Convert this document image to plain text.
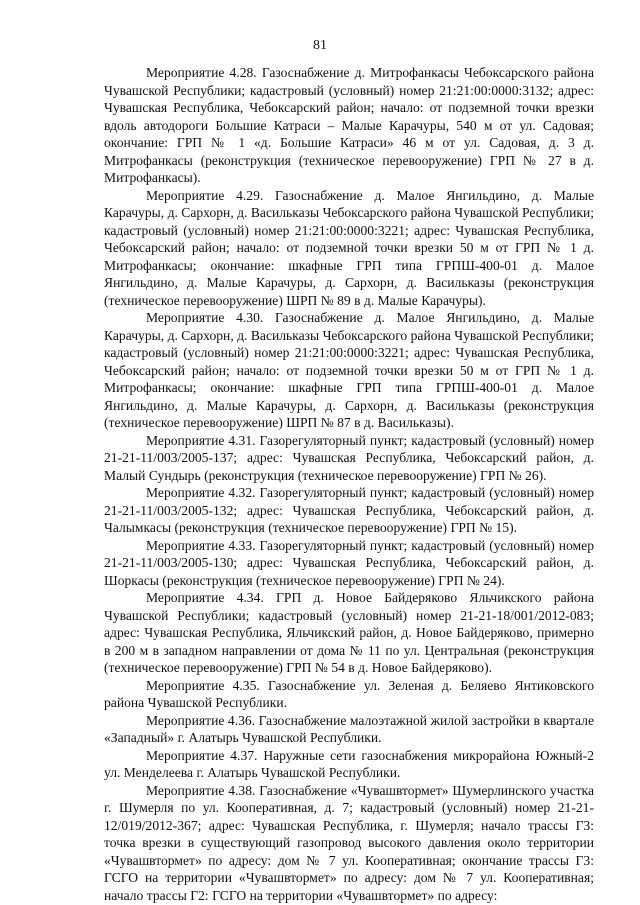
81

Мероприятие 4.28. Газоснабжение д. Митрофанкасы Чебоксарского района Чувашской Республики; кадастровый (условный) номер 21:21:00:0000:3132; адрес: Чувашская Республика, Чебоксарский район; начало: от подземной точки врезки вдоль автодороги Большие Катраси – Малые Карачуры, 540 м от ул. Садовая; окончание: ГРП № 1 «д. Большие Катраси» 46 м от ул. Садовая, д. 3 д. Митрофанкасы (реконструкция (техническое перевооружение) ГРП № 27 в д. Митрофанкасы).

Мероприятие 4.29. Газоснабжение д. Малое Янгильдино, д. Малые Карачуры, д. Сархорн, д. Васильказы Чебоксарского района Чувашской Республики; кадастровый (условный) номер 21:21:00:0000:3221; адрес: Чувашская Республика, Чебоксарский район; начало: от подземной точки врезки 50 м от ГРП № 1 д. Митрофанкасы; окончание: шкафные ГРП типа ГРПШ-400-01 д. Малое Янгильдино, д. Малые Карачуры, д. Сархорн, д. Васильказы (реконструкция (техническое перевооружение) ШРП № 89 в д. Малые Карачуры).

Мероприятие 4.30. Газоснабжение д. Малое Янгильдино, д. Малые Карачуры, д. Сархорн, д. Васильказы Чебоксарского района Чувашской Республики; кадастровый (условный) номер 21:21:00:0000:3221; адрес: Чувашская Республика, Чебоксарский район; начало: от подземной точки врезки 50 м от ГРП № 1 д. Митрофанкасы; окончание: шкафные ГРП типа ГРПШ-400-01 д. Малое Янгильдино, д. Малые Карачуры, д. Сархорн, д. Васильказы (реконструкция (техническое перевооружение) ШРП № 87 в д. Васильказы).

Мероприятие 4.31. Газорегуляторный пункт; кадастровый (условный) номер 21-21-11/003/2005-137; адрес: Чувашская Республика, Чебоксарский район, д. Малый Сундырь (реконструкция (техническое перевооружение) ГРП № 26).

Мероприятие 4.32. Газорегуляторный пункт; кадастровый (условный) номер 21-21-11/003/2005-132; адрес: Чувашская Республика, Чебоксарский район, д. Чалымкасы (реконструкция (техническое перевооружение) ГРП № 15).

Мероприятие 4.33. Газорегуляторный пункт; кадастровый (условный) номер 21-21-11/003/2005-130; адрес: Чувашская Республика, Чебоксарский район, д. Шоркасы (реконструкция (техническое перевооружение) ГРП № 24).

Мероприятие 4.34. ГРП д. Новое Байдеряково Яльчикского района Чувашской Республики; кадастровый (условный) номер 21-21-18/001/2012-083; адрес: Чувашская Республика, Яльчикский район, д. Новое Байдеряково, примерно в 200 м в западном направлении от дома № 11 по ул. Центральная (реконструкция (техническое перевооружение) ГРП № 54 в д. Новое Байдеряково).

Мероприятие 4.35. Газоснабжение ул. Зеленая д. Беляево Янтиковского района Чувашской Республики.

Мероприятие 4.36. Газоснабжение малоэтажной жилой застройки в квартале «Западный» г. Алатырь Чувашской Республики.

Мероприятие 4.37. Наружные сети газоснабжения микрорайона Южный-2 ул. Менделеева г. Алатырь Чувашской Республики.

Мероприятие 4.38. Газоснабжение «Чувашвтормет» Шумерлинского участка г. Шумерля по ул. Кооперативная, д. 7; кадастровый (условный) номер 21-21-12/019/2012-367; адрес: Чувашская Республика, г. Шумерля; начало трассы Г3: точка врезки в существующий газопровод высокого давления около территории «Чувашвтормет» по адресу: дом № 7 ул. Кооперативная; окончание трассы Г3: ГСГО на территории «Чувашвтормет» по адресу: дом № 7 ул. Кооперативная; начало трассы Г2: ГСГО на территории «Чувашвтормет» по адресу:
